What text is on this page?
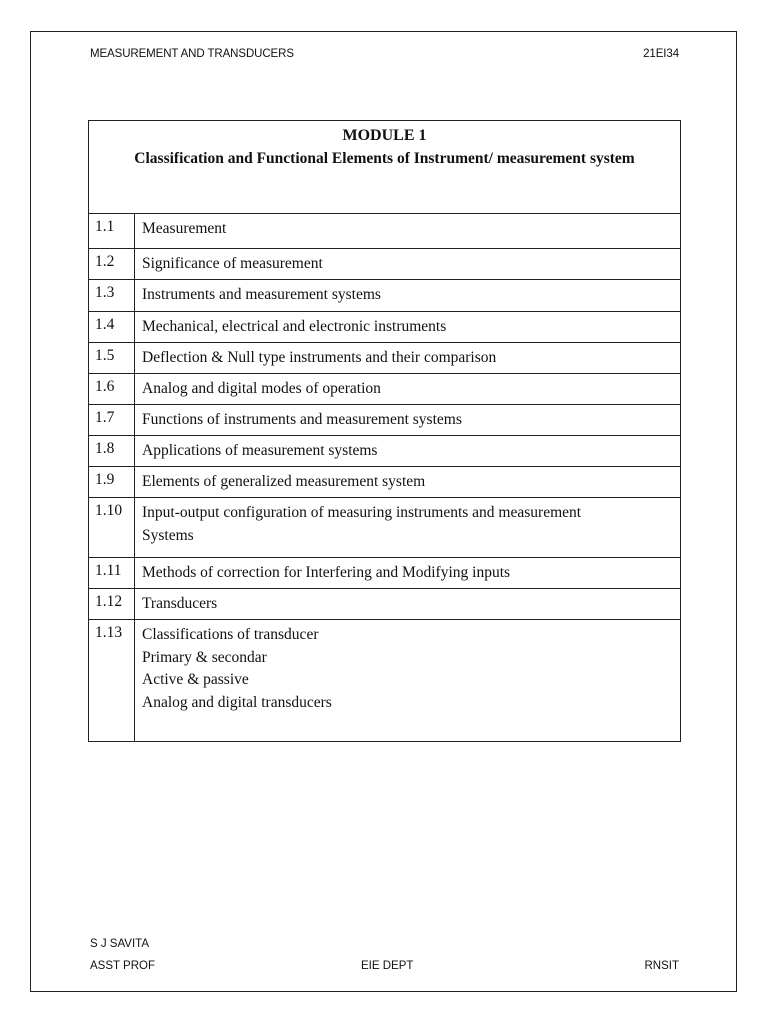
MEASUREMENT AND TRANSDUCERS	21EI34
MODULE 1
Classification and Functional Elements of Instrument/ measurement system	

1.1	Measurement

1.2	Significance of measurement

1.3	Instruments and measurement systems

1.4	Mechanical, electrical and electronic instruments

1.5	Deflection & Null type instruments and their comparison

1.6	Analog and digital modes of operation

1.7	Functions of instruments and measurement systems

1.8	Applications of measurement systems

1.9	Elements of generalized measurement system

1.10	Input-output configuration of measuring instruments and measurement
Systems

1.11	Methods of correction for Interfering and Modifying inputs

1.12	Transducers

1.13	Classifications of transducer
Primary & secondar
Active & passive
Analog and digital transducers
S J SAVITA
ASST PROF	EIE DEPT	RNSIT
